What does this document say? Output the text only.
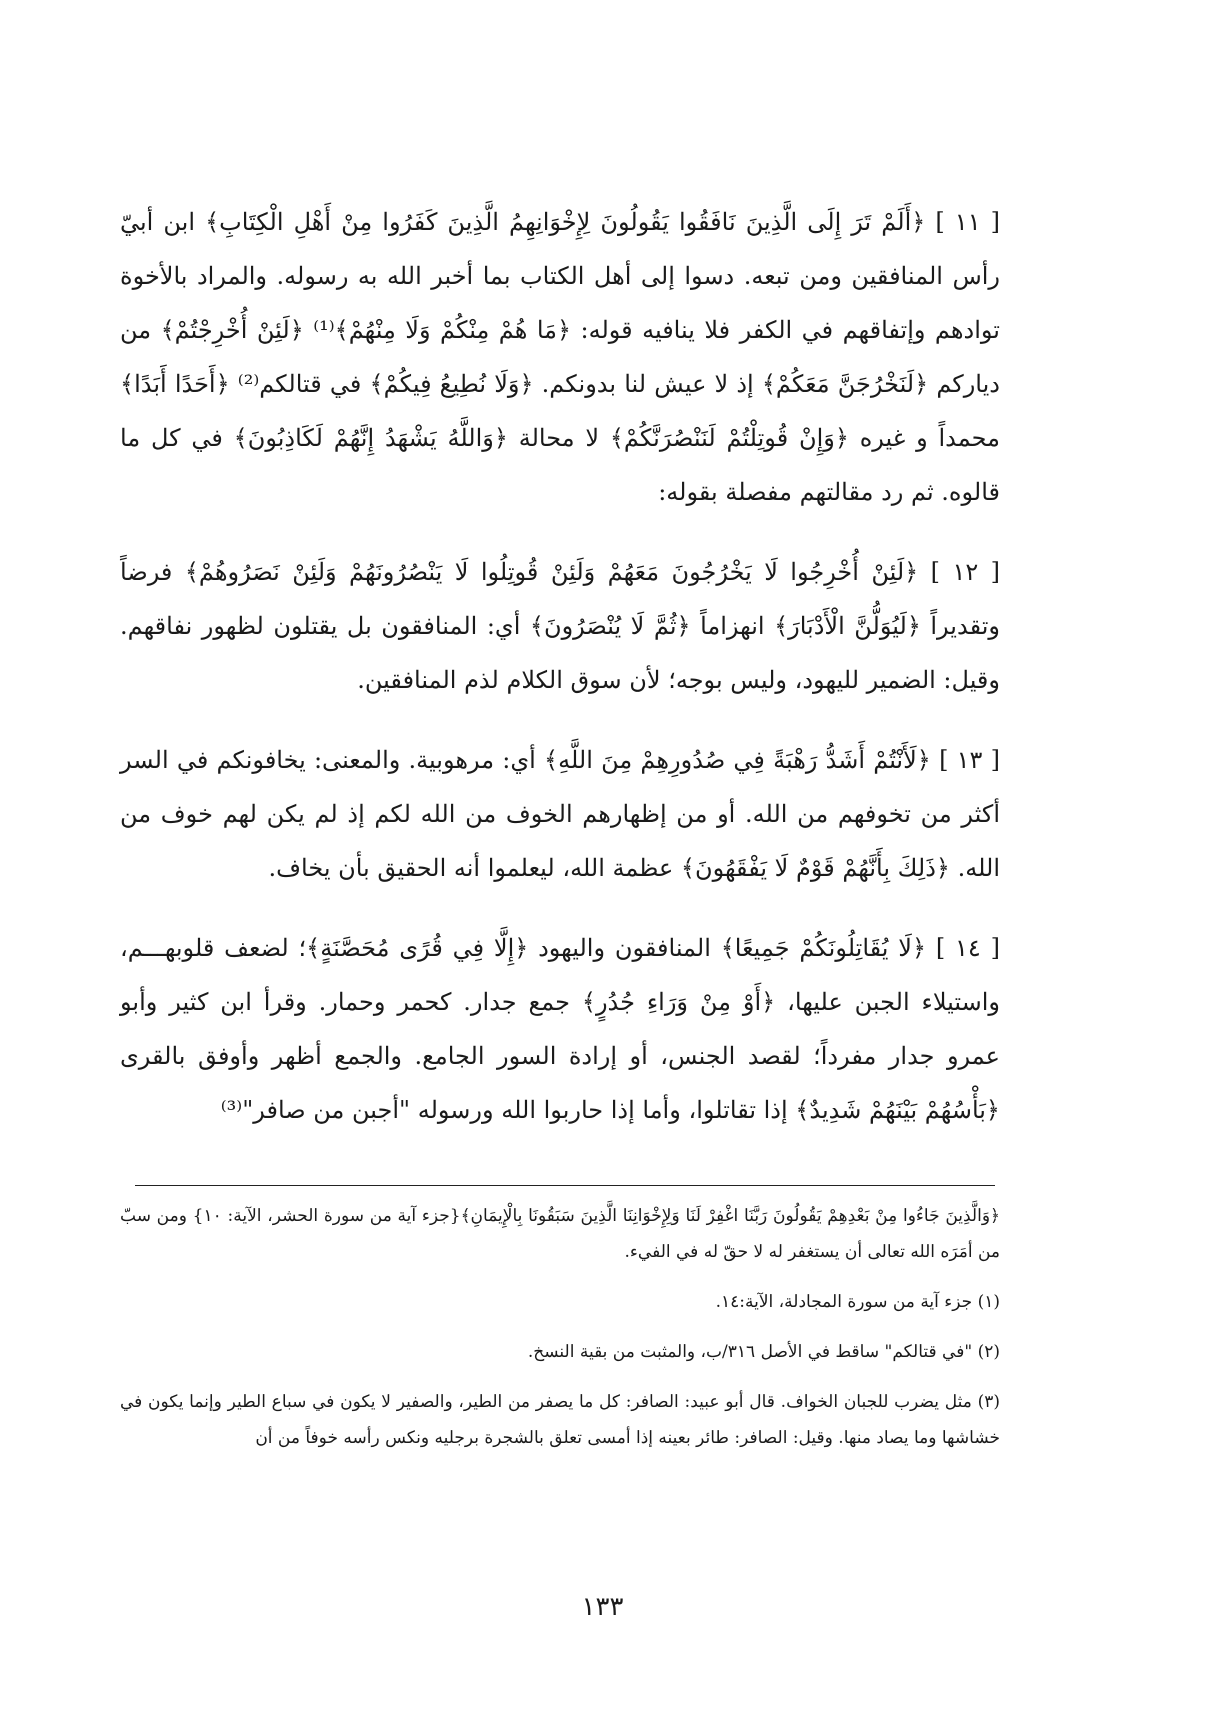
[ ١١ ] ﴿أَلَمْ تَرَ إِلَى الَّذِينَ نَافَقُوا يَقُولُونَ لِإِخْوَانِهِمُ الَّذِينَ كَفَرُوا مِنْ أَهْلِ الْكِتَابِ﴾ ابن أبيّ رأس المنافقين ومن تبعه. دسوا إلى أهل الكتاب بما أخبر الله به رسوله. والمراد بالأخوة توادهم وإتفاقهم في الكفر فلا ينافيه قوله: ﴿مَا هُمْ مِنْكُمْ وَلَا مِنْهُمْ﴾⁽¹⁾ ﴿لَئِنْ أُخْرِجْتُمْ﴾ من دياركم ﴿لَنَخْرُجَنَّ مَعَكُمْ﴾ إذ لا عيش لنا بدونكم. ﴿وَلَا نُطِيعُ فِيكُمْ﴾ في قتالكم⁽²⁾ ﴿أَحَدًا أَبَدًا﴾ محمداً و غيره ﴿وَإِنْ قُوتِلْتُمْ لَنَنْصُرَنَّكُمْ﴾ لا محالة ﴿وَاللَّهُ يَشْهَدُ إِنَّهُمْ لَكَاذِبُونَ﴾ في كل ما قالوه. ثم رد مقالتهم مفصلة بقوله:

[ ١٢ ] ﴿لَئِنْ أُخْرِجُوا لَا يَخْرُجُونَ مَعَهُمْ وَلَئِنْ قُوتِلُوا لَا يَنْصُرُونَهُمْ وَلَئِنْ نَصَرُوهُمْ﴾ فرضاً وتقديراً ﴿لَيُوَلُّنَّ الْأَدْبَارَ﴾ انهزاماً ﴿ثُمَّ لَا يُنْصَرُونَ﴾ أي: المنافقون بل يقتلون لظهور نفاقهم. وقيل: الضمير لليهود، وليس بوجه؛ لأن سوق الكلام لذم المنافقين.

[ ١٣ ] ﴿لَأَنْتُمْ أَشَدُّ رَهْبَةً فِي صُدُورِهِمْ مِنَ اللَّهِ﴾ أي: مرهوبية. والمعنى: يخافونكم في السر أكثر من تخوفهم من الله. أو من إظهارهم الخوف من الله لكم إذ لم يكن لهم خوف من الله. ﴿ذَلِكَ بِأَنَّهُمْ قَوْمٌ لَا يَفْقَهُونَ﴾ عظمة الله، ليعلموا أنه الحقيق بأن يخاف.

[ ١٤ ] ﴿لَا يُقَاتِلُونَكُمْ جَمِيعًا﴾ المنافقون واليهود ﴿إِلَّا فِي قُرًى مُحَصَّنَةٍ﴾؛ لضعف قلوبهـــم، واستيلاء الجبن عليها، ﴿أَوْ مِنْ وَرَاءِ جُدُرٍ﴾ جمع جدار. كحمر وحمار. وقرأ ابن كثير وأبو عمرو جدار مفرداً؛ لقصد الجنس، أو إرادة السور الجامع. والجمع أظهر وأوفق بالقرى ﴿بَأْسُهُمْ بَيْنَهُمْ شَدِيدٌ﴾ إذا تقاتلوا، وأما إذا حاربوا الله ورسوله "أجبن من صافر"⁽³⁾

﴿وَالَّذِينَ جَاءُوا مِنْ بَعْدِهِمْ يَقُولُونَ رَبَّنَا اغْفِرْ لَنَا وَلِإِخْوَانِنَا الَّذِينَ سَبَقُونَا بِالْإِيمَانِ﴾{جزء آية من سورة الحشر، الآية: ١٠} ومن سبّ من أمَرَه الله تعالى أن يستغفر له لا حقّ له في الفيء.

(١) جزء آية من سورة المجادلة، الآية:١٤.

(٢) "في قتالكم" ساقط في الأصل ٣١٦/ب، والمثبت من بقية النسخ.

(٣) مثل يضرب للجبان الخواف. قال أبو عبيد: الصافر: كل ما يصفر من الطير، والصفير لا يكون في سباع الطير وإنما يكون في خشاشها وما يصاد منها. وقيل: الصافر: طائر بعينه إذا أمسى تعلق بالشجرة برجليه ونكس رأسه خوفاً من أن

١٣٣
